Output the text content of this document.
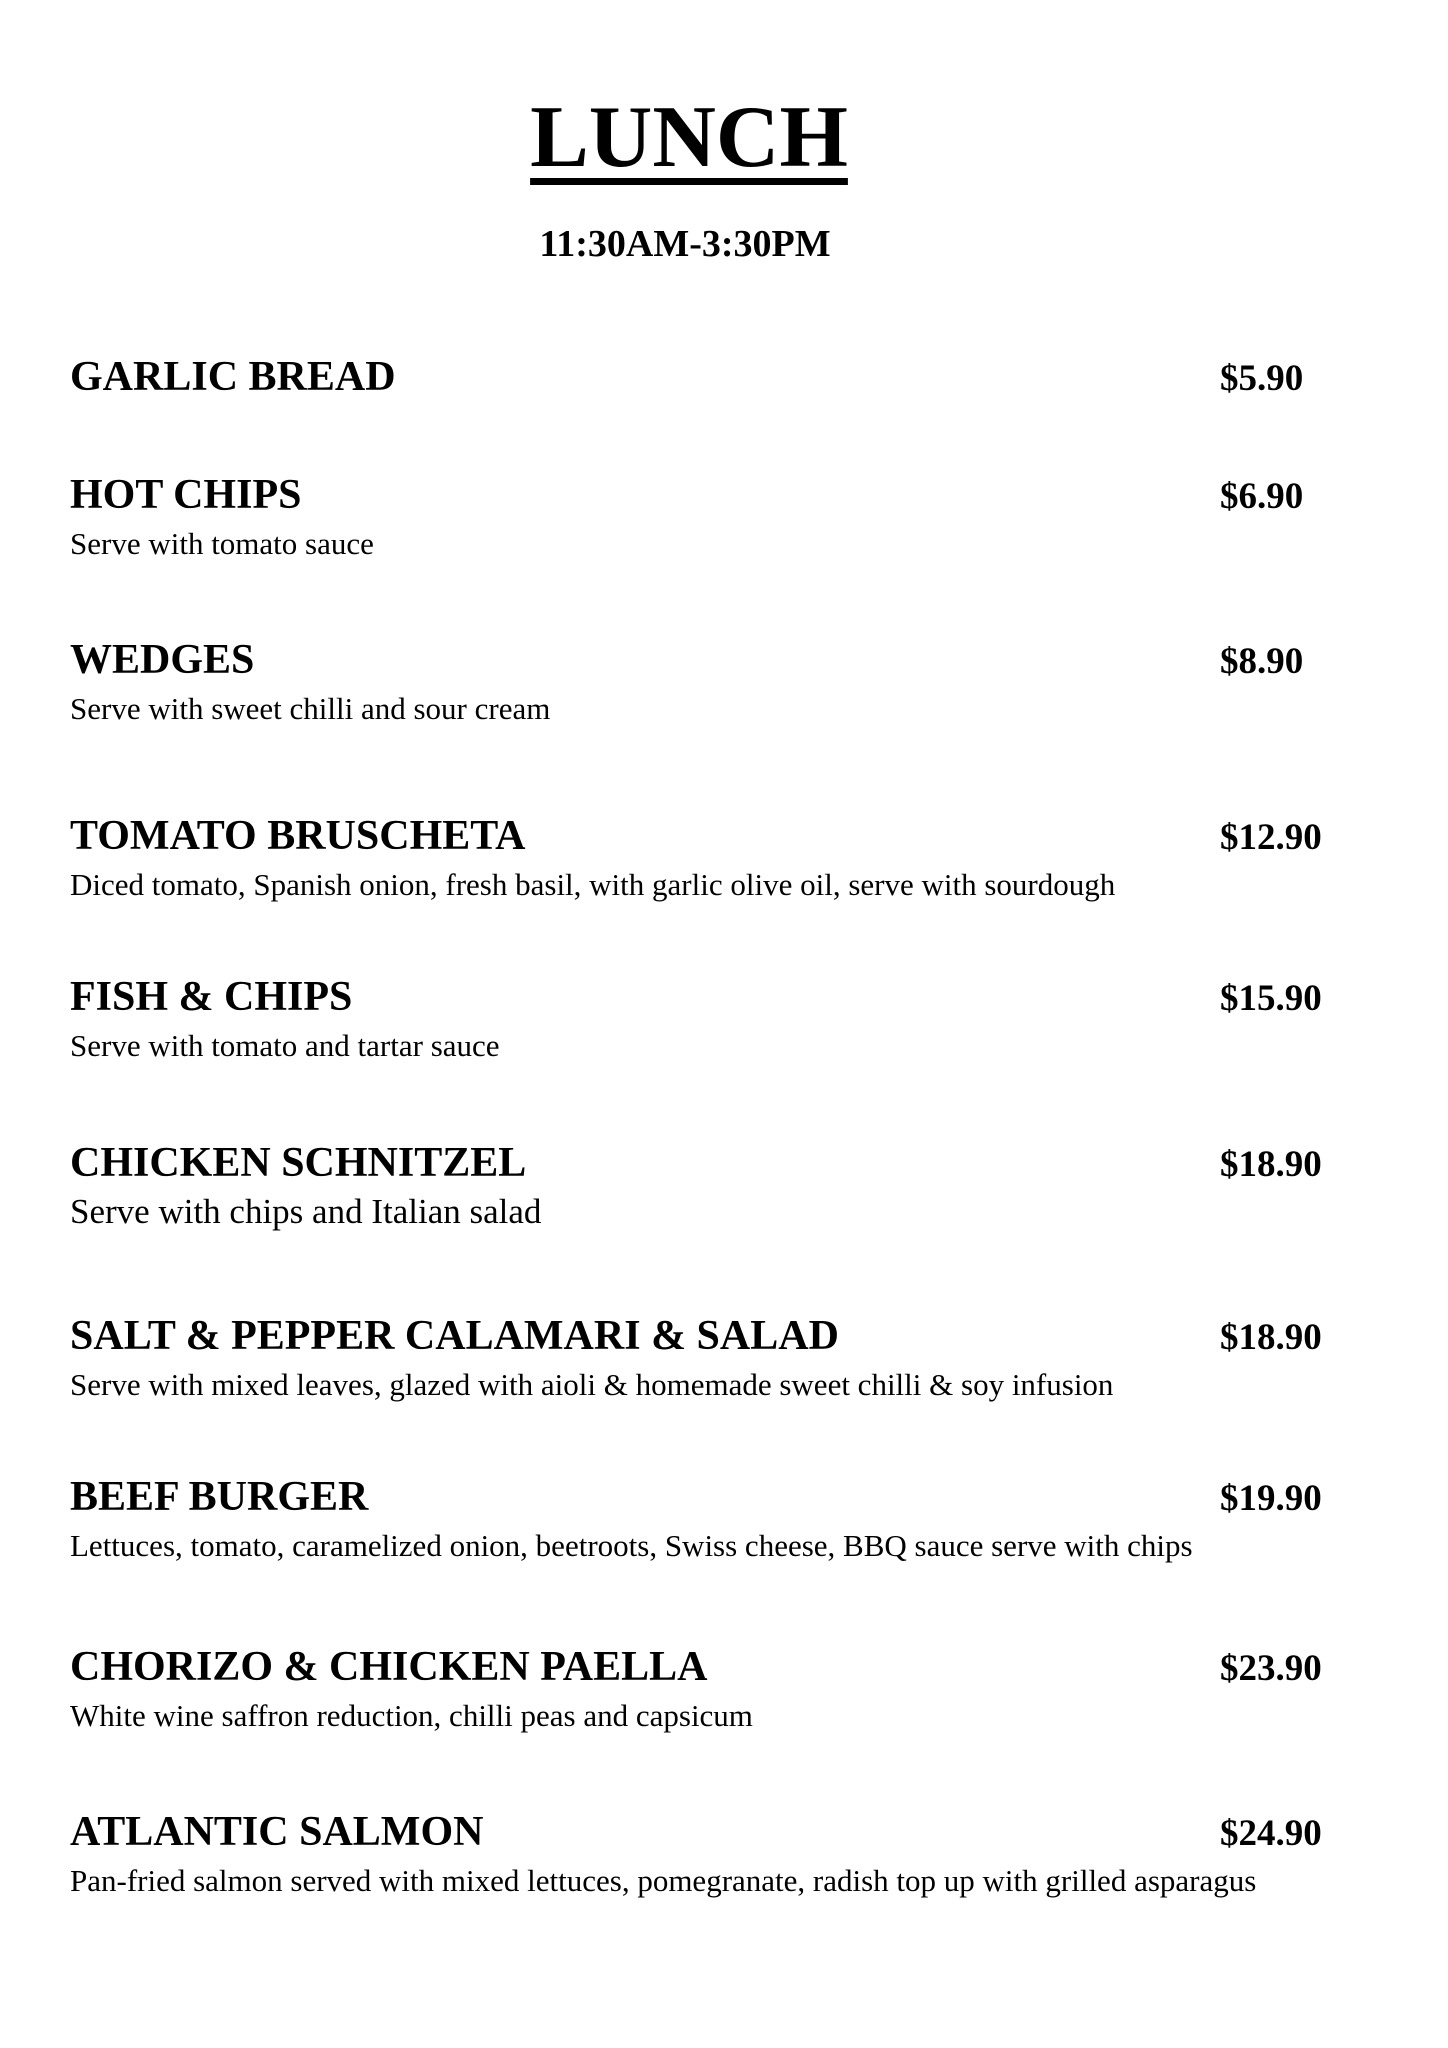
LUNCH
11:30AM-3:30PM
GARLIC BREAD	$5.90
HOT CHIPS	$6.90
Serve with tomato sauce
WEDGES	$8.90
Serve with sweet chilli and sour cream
TOMATO BRUSCHETA	$12.90
Diced tomato, Spanish onion, fresh basil, with garlic olive oil, serve with sourdough
FISH & CHIPS	$15.90
Serve with tomato and tartar sauce
CHICKEN SCHNITZEL	$18.90
Serve with chips and Italian salad
SALT & PEPPER CALAMARI & SALAD	$18.90
Serve with mixed leaves, glazed with aioli & homemade sweet chilli & soy infusion
BEEF BURGER	$19.90
Lettuces, tomato, caramelized onion, beetroots, Swiss cheese, BBQ sauce serve with chips
CHORIZO & CHICKEN PAELLA	$23.90
White wine saffron reduction, chilli peas and capsicum
ATLANTIC SALMON	$24.90
Pan-fried salmon served with mixed lettuces, pomegranate, radish top up with grilled asparagus
